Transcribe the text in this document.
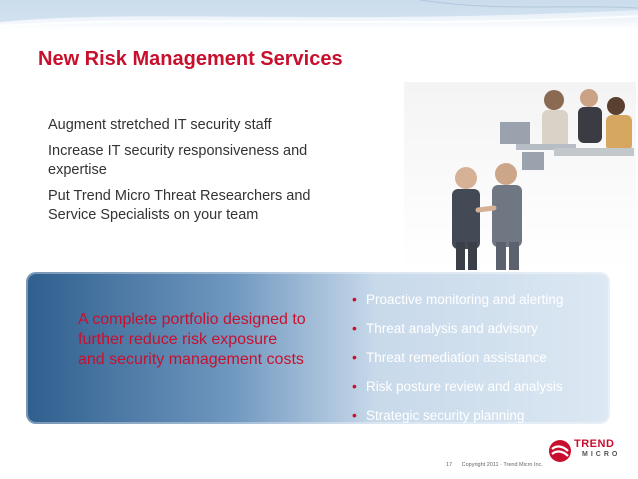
New Risk Management Services
Augment stretched IT security staff
Increase IT security responsiveness and expertise
Put Trend Micro Threat Researchers and Service Specialists on your team
A complete portfolio designed to further reduce risk exposure and security management costs
• Proactive monitoring and alerting
• Threat analysis and advisory
• Threat remediation assistance
• Risk posture review and analysis
• Strategic security planning
17 Copyright 2011 · Trend Micro Inc.
TREND
MICRO
